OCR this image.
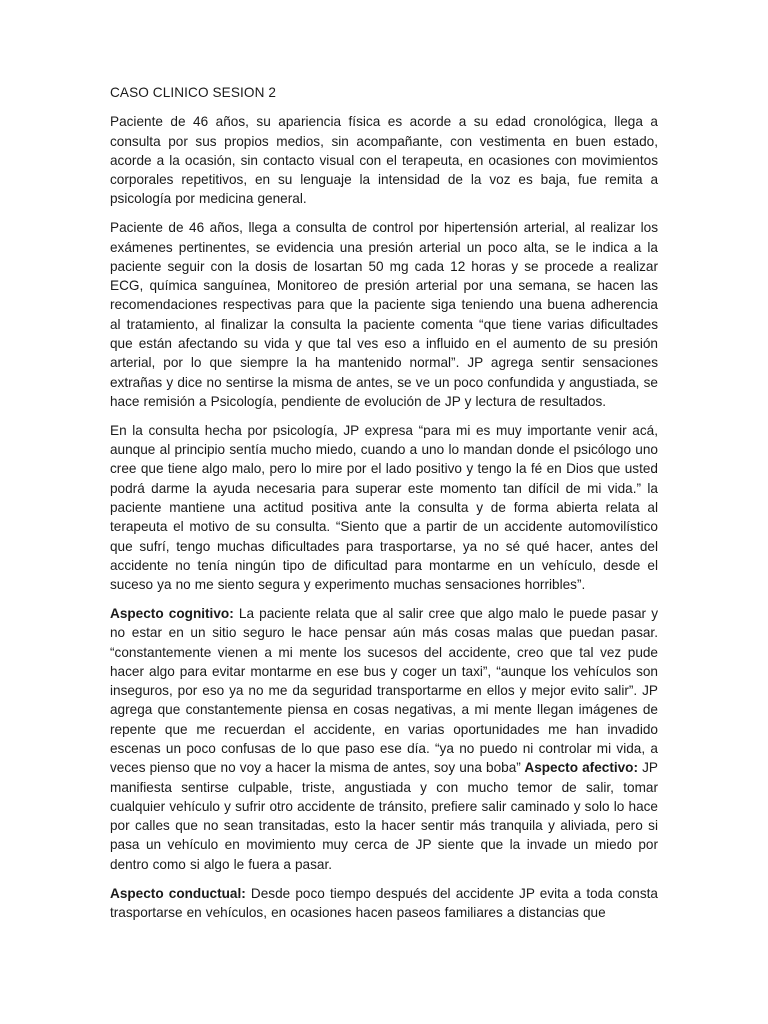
CASO CLINICO SESION 2

Paciente de 46 años, su apariencia física es acorde a su edad cronológica, llega a consulta por sus propios medios, sin acompañante, con vestimenta en buen estado, acorde a la ocasión, sin contacto visual con el terapeuta, en ocasiones con movimientos corporales repetitivos, en su lenguaje la intensidad de la voz es baja, fue remita a psicología por medicina general.

Paciente de 46 años, llega a consulta de control por hipertensión arterial, al realizar los exámenes pertinentes, se evidencia una presión arterial un poco alta, se le indica a la paciente seguir con la dosis de losartan 50 mg cada 12 horas y se procede a realizar ECG, química sanguínea, Monitoreo de presión arterial por una semana, se hacen las recomendaciones respectivas para que la paciente siga teniendo una buena adherencia al tratamiento, al finalizar la consulta la paciente comenta “que tiene varias dificultades que están afectando su vida y que tal ves eso a influido en el aumento de su presión arterial, por lo que siempre la ha mantenido normal”. JP agrega sentir sensaciones extrañas y dice no sentirse la misma de antes, se ve un poco confundida y angustiada, se hace remisión a Psicología, pendiente de evolución de JP y lectura de resultados.

En la consulta hecha por psicología, JP expresa “para mi es muy importante venir acá, aunque al principio sentía mucho miedo, cuando a uno lo mandan donde el psicólogo uno cree que tiene algo malo, pero lo mire por el lado positivo y tengo la fé en Dios que usted podrá darme la ayuda necesaria para superar este momento tan difícil de mi vida.” la paciente mantiene una actitud positiva ante la consulta y de forma abierta relata al terapeuta el motivo de su consulta. “Siento que a partir de un accidente automovilístico que sufrí, tengo muchas dificultades para trasportarse, ya no sé qué hacer, antes del accidente no tenía ningún tipo de dificultad para montarme en un vehículo, desde el suceso ya no me siento segura y experimento muchas sensaciones horribles”.

Aspecto cognitivo: La paciente relata que al salir cree que algo malo le puede pasar y no estar en un sitio seguro le hace pensar aún más cosas malas que puedan pasar. “constantemente vienen a mi mente los sucesos del accidente, creo que tal vez pude hacer algo para evitar montarme en ese bus y coger un taxi”, “aunque los vehículos son inseguros, por eso ya no me da seguridad transportarme en ellos y mejor evito salir”. JP agrega que constantemente piensa en cosas negativas, a mi mente llegan imágenes de repente que me recuerdan el accidente, en varias oportunidades me han invadido escenas un poco confusas de lo que paso ese día. “ya no puedo ni controlar mi vida, a veces pienso que no voy a hacer la misma de antes, soy una boba” Aspecto afectivo: JP manifiesta sentirse culpable, triste, angustiada y con mucho temor de salir, tomar cualquier vehículo y sufrir otro accidente de tránsito, prefiere salir caminado y solo lo hace por calles que no sean transitadas, esto la hacer sentir más tranquila y aliviada, pero si pasa un vehículo en movimiento muy cerca de JP siente que la invade un miedo por dentro como si algo le fuera a pasar.

Aspecto conductual: Desde poco tiempo después del accidente JP evita a toda consta trasportarse en vehículos, en ocasiones hacen paseos familiares a distancias que
